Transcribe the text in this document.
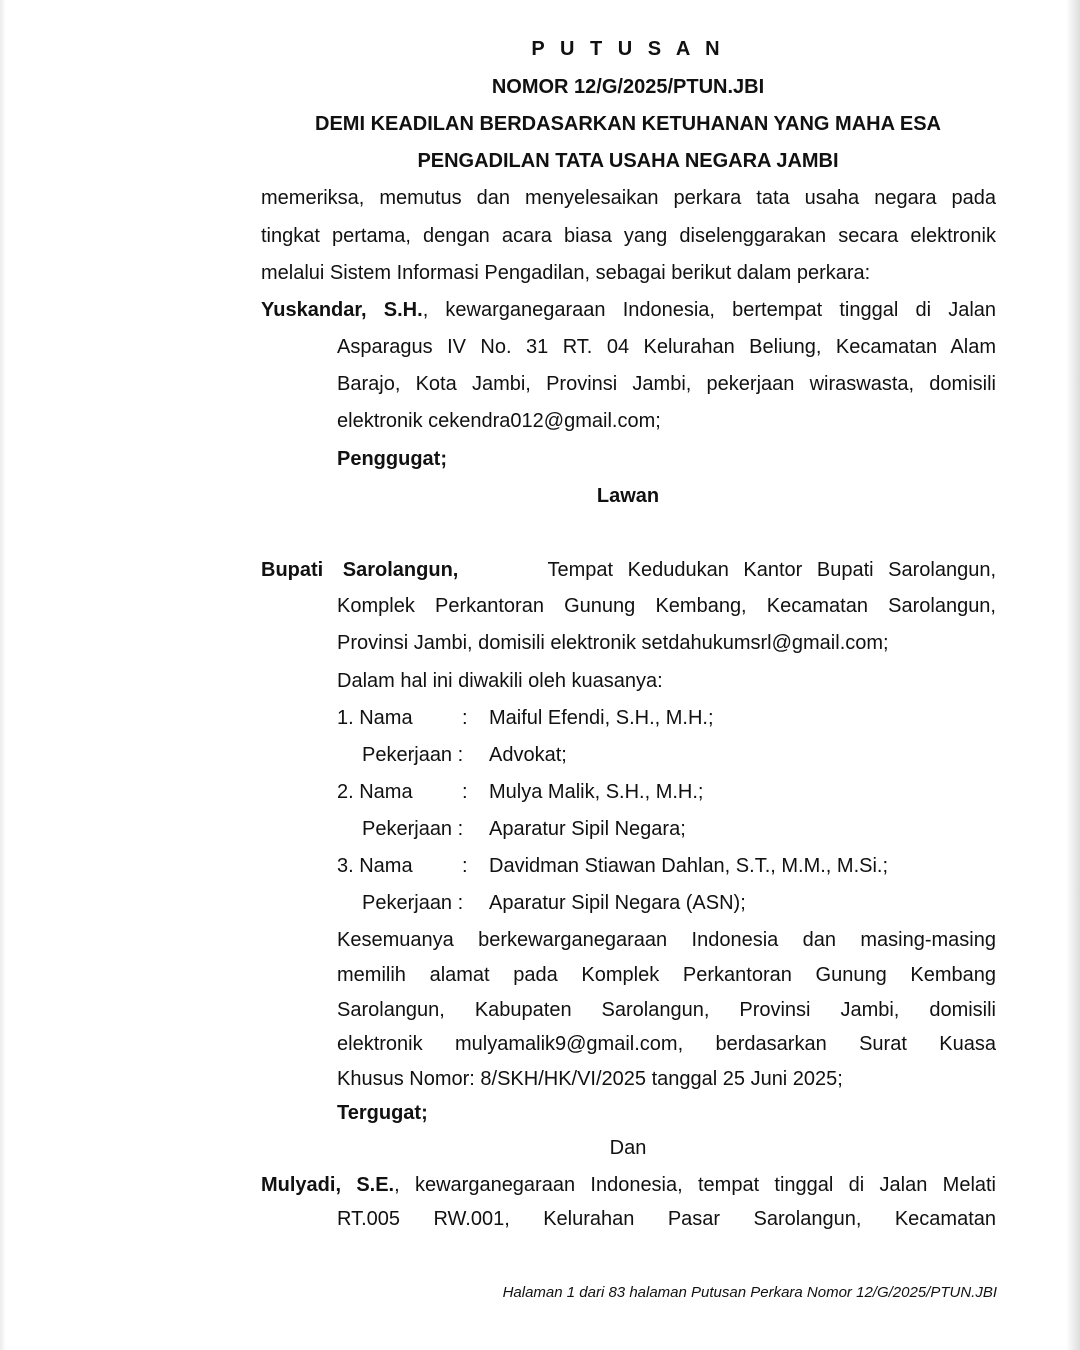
P U T U S A N
NOMOR 12/G/2025/PTUN.JBI
DEMI KEADILAN BERDASARKAN KETUHANAN YANG MAHA ESA
PENGADILAN TATA USAHA NEGARA JAMBI
memeriksa, memutus dan menyelesaikan perkara tata usaha negara pada
tingkat pertama, dengan acara biasa yang diselenggarakan secara elektronik
melalui Sistem Informasi Pengadilan, sebagai berikut dalam perkara:
Yuskandar, S.H., kewarganegaraan Indonesia, bertempat tinggal di Jalan
Asparagus IV No. 31 RT. 04 Kelurahan Beliung, Kecamatan Alam
Barajo, Kota Jambi, Provinsi Jambi, pekerjaan wiraswasta, domisili
elektronik cekendra012@gmail.com;
Penggugat;
Lawan
Bupati Sarolangun,	Tempat Kedudukan Kantor Bupati Sarolangun,
Komplek Perkantoran Gunung Kembang, Kecamatan Sarolangun,
Provinsi Jambi, domisili elektronik setdahukumsrl@gmail.com;
Dalam hal ini diwakili oleh kuasanya:
1. Nama : Maiful Efendi, S.H., M.H.;
Pekerjaan : Advokat;
2. Nama : Mulya Malik, S.H., M.H.;
Pekerjaan : Aparatur Sipil Negara;
3. Nama : Davidman Stiawan Dahlan, S.T., M.M., M.Si.;
Pekerjaan : Aparatur Sipil Negara (ASN);
Kesemuanya berkewarganegaraan Indonesia dan masing-masing
memilih alamat pada Komplek Perkantoran Gunung Kembang
Sarolangun, Kabupaten Sarolangun, Provinsi Jambi, domisili
elektronik mulyamalik9@gmail.com, berdasarkan Surat Kuasa
Khusus Nomor: 8/SKH/HK/VI/2025 tanggal 25 Juni 2025;
Tergugat;
Dan
Mulyadi, S.E., kewarganegaraan Indonesia, tempat tinggal di Jalan Melati
RT.005 RW.001, Kelurahan Pasar Sarolangun, Kecamatan
Halaman 1 dari 83 halaman Putusan Perkara Nomor 12/G/2025/PTUN.JBI
